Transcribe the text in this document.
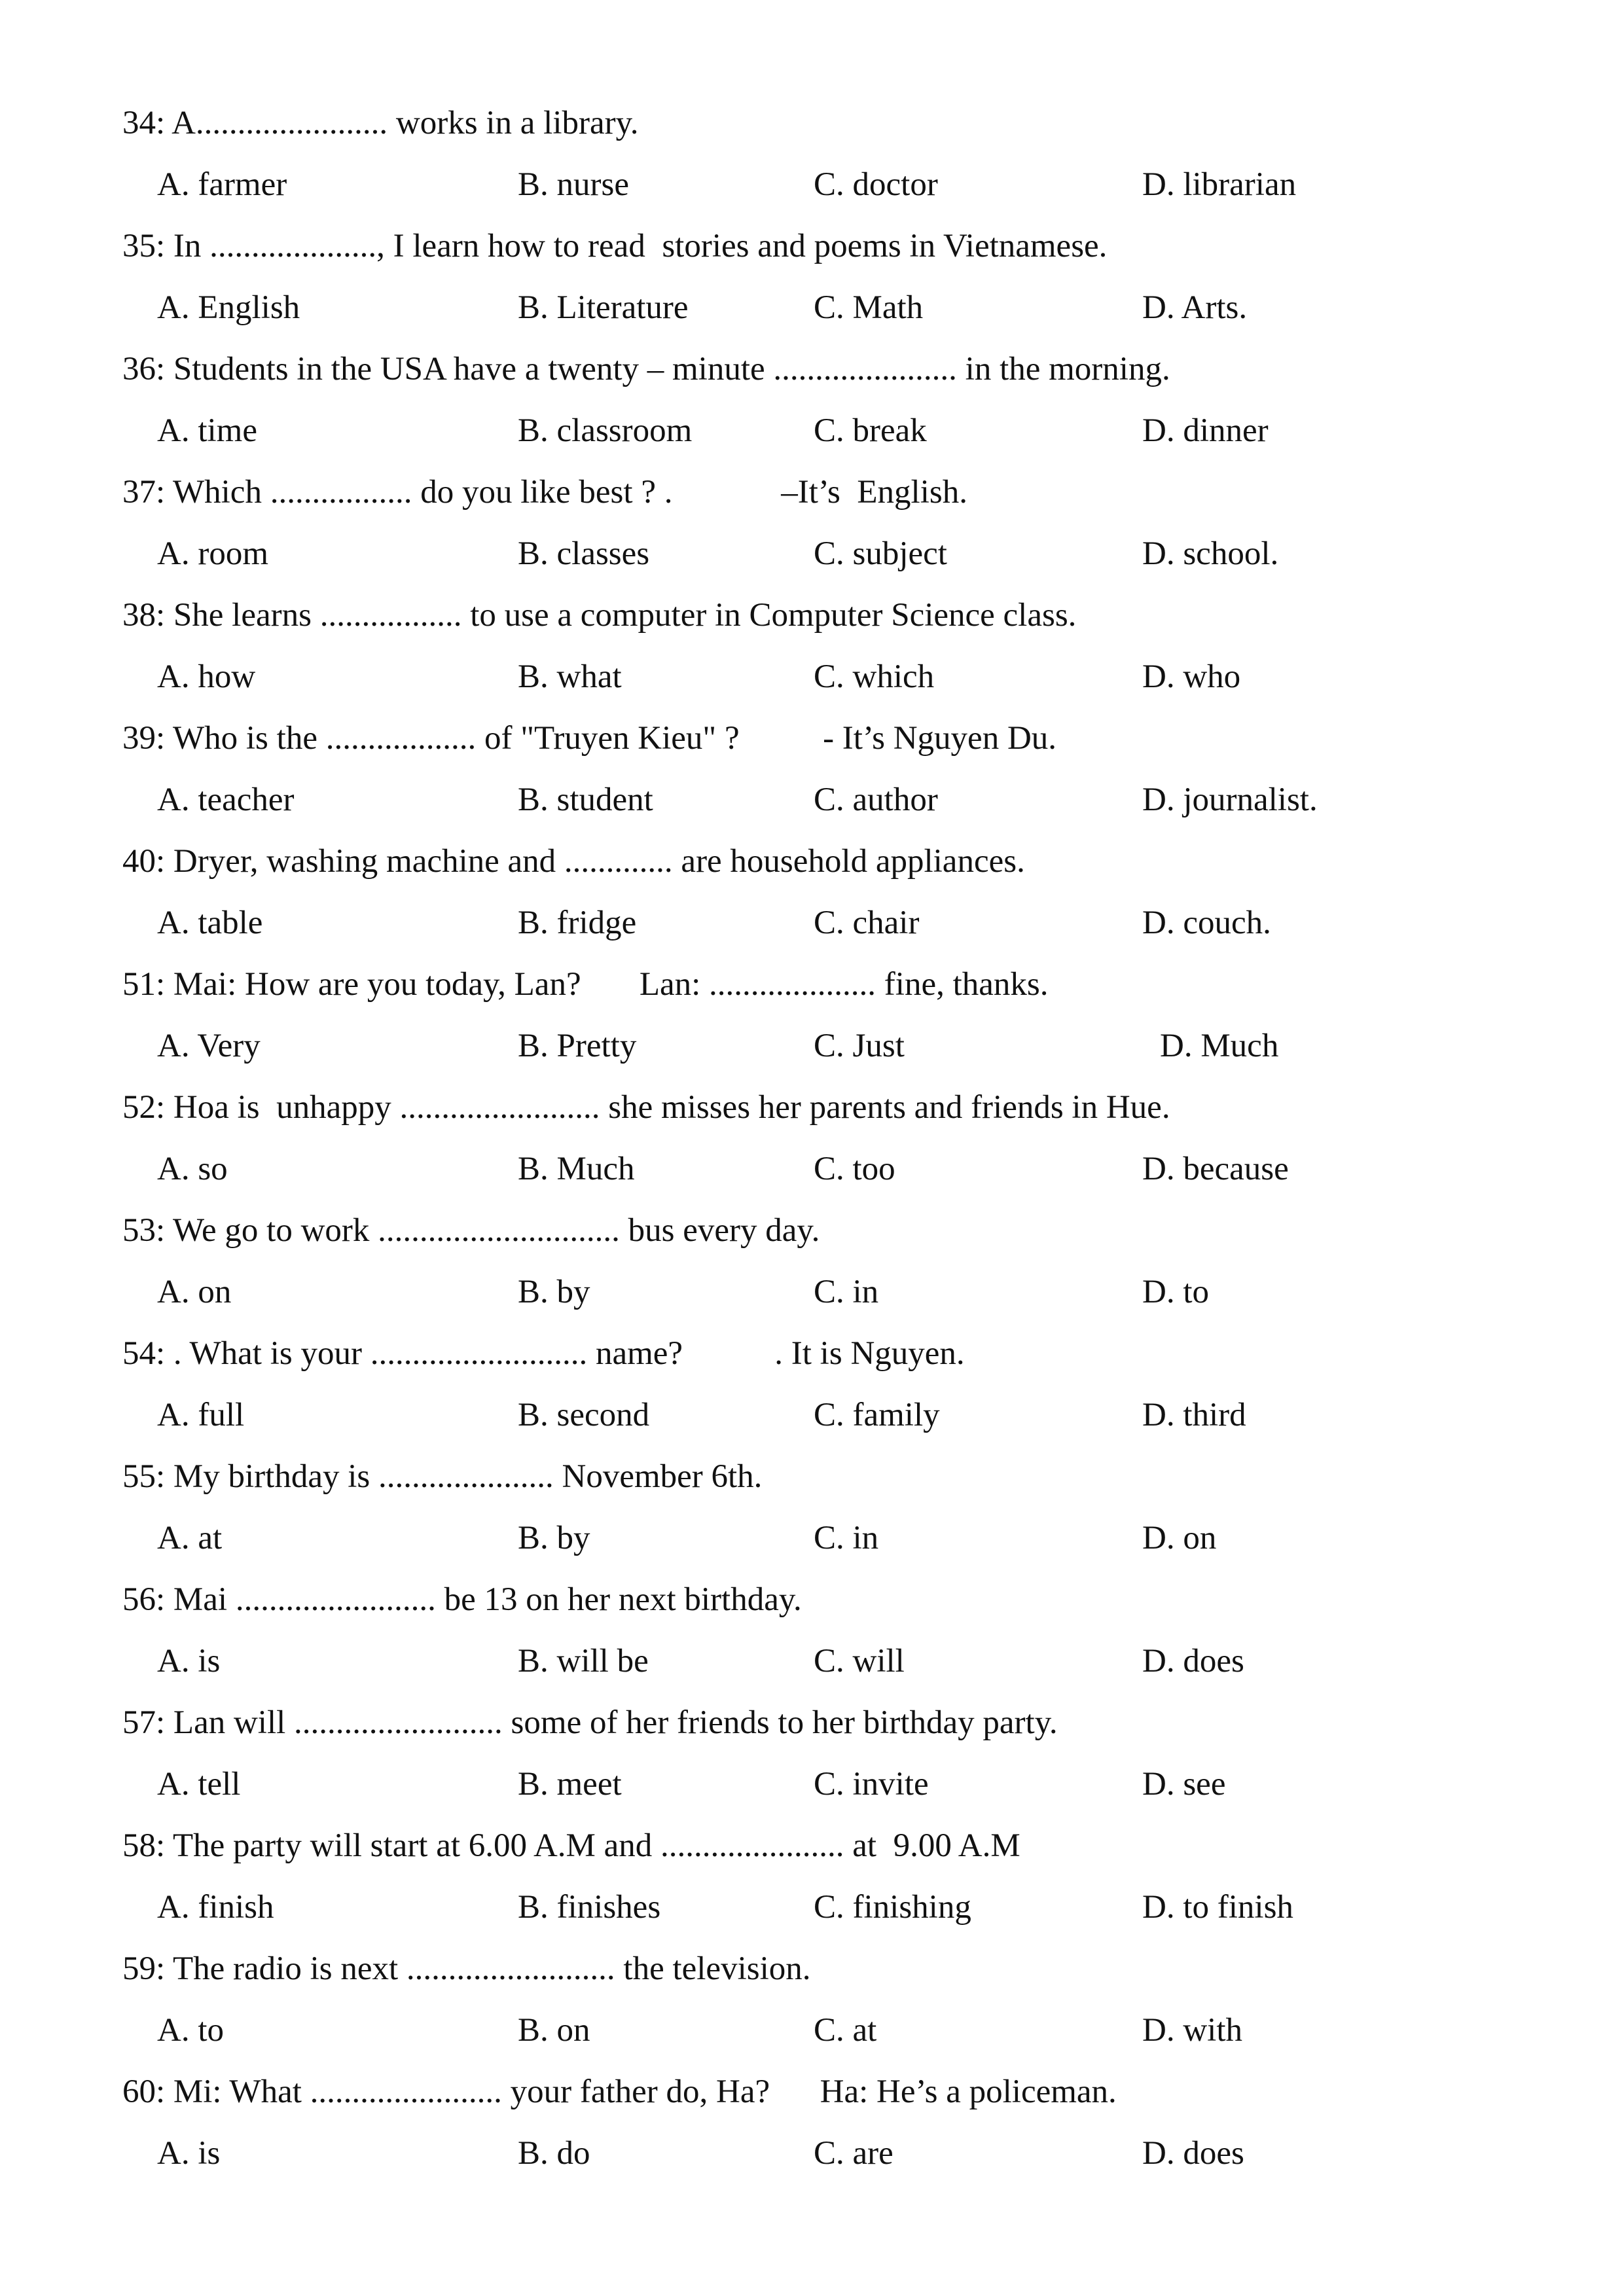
34: A....................... works in a library.
A. farmer	B. nurse	C. doctor	D. librarian
35: In ...................., I learn how to read  stories and poems in Vietnamese.
A. English	B. Literature	C. Math	D. Arts.
36: Students in the USA have a twenty – minute ...................... in the morning.
A. time	B. classroom	C. break	D. dinner
37: Which ................. do you like best ? .             –It’s  English.
A. room	B. classes	C. subject	D. school.
38: She learns ................. to use a computer in Computer Science class.
A. how	B. what	C. which	D. who
39: Who is the .................. of "Truyen Kieu" ?          - It’s Nguyen Du.
A. teacher	B. student	C. author	D. journalist.
40: Dryer, washing machine and ............. are household appliances.
A. table	B. fridge	C. chair	D. couch.
51: Mai: How are you today, Lan?       Lan: .................... fine, thanks.
A. Very	B. Pretty	C. Just	D. Much
52: Hoa is  unhappy ........................ she misses her parents and friends in Hue.
A. so	B. Much	C. too	D. because
53: We go to work ............................. bus every day.
A. on	B. by	C. in	D. to
54: . What is your .......................... name?           . It is Nguyen.
A. full	B. second	C. family	D. third
55: My birthday is ..................... November 6th.
A. at	B. by	C. in	D. on
56: Mai ........................ be 13 on her next birthday.
A. is	B. will be	C. will	D. does
57: Lan will ......................... some of her friends to her birthday party.
A. tell	B. meet	C. invite	D. see
58: The party will start at 6.00 A.M and ...................... at  9.00 A.M
A. finish	B. finishes	C. finishing	D. to finish
59: The radio is next ......................... the television.
A. to	B. on	C. at	D. with
60: Mi: What ....................... your father do, Ha?      Ha: He’s a policeman.
A. is	B. do	C. are	D. does
